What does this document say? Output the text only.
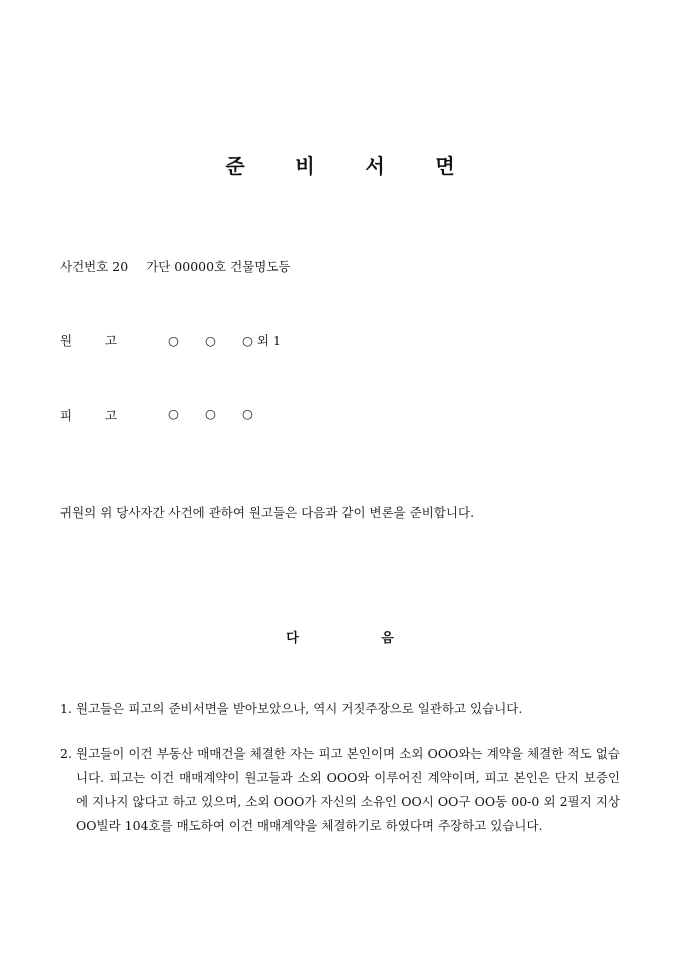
준	비	서	면
사건번호 20 가단 00000호 건물명도등
원	고	○ ○ ○ 외 1
피	고	○ ○ ○
귀원의 위 당사자간 사건에 관하여 원고들은 다음과 같이 변론을 준비합니다.
다	음
1. 원고들은 피고의 준비서면을 받아보았으나, 역시 거짓주장으로 일관하고 있습니다.
2. 원고들이 이건 부동산 매매건을 체결한 자는 피고 본인이며 소외 OOO와는 계약을 체결한 적도 없습니다. 피고는 이건 매매계약이 원고들과 소외 OOO와 이루어진 계약이며, 피고 본인은 단지 보증인에 지나지 않다고 하고 있으며, 소외 OOO가 자신의 소유인 OO시 OO구 OO동 00-0 외 2필지 지상 OO빌라 104호를 매도하여 이건 매매계약을 체결하기로 하였다며 주장하고 있습니다.
